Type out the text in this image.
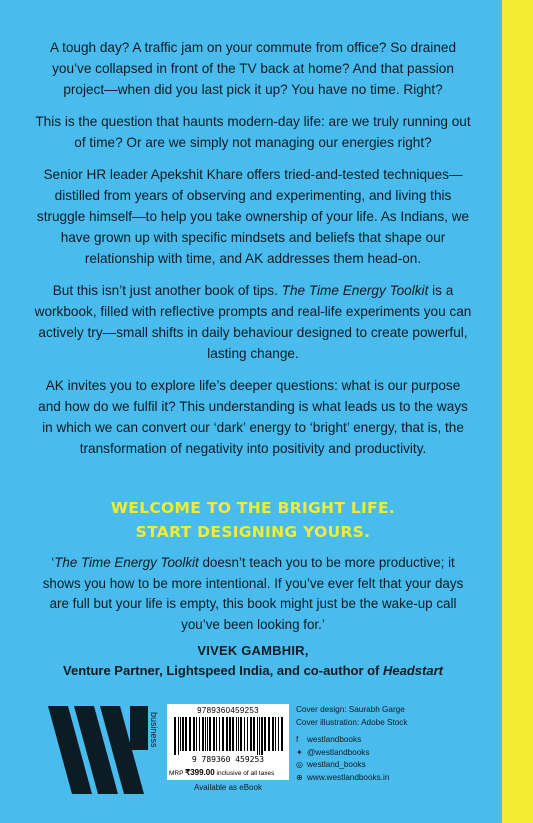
A tough day? A traffic jam on your commute from office? So drained you’ve collapsed in front of the TV back at home? And that passion project—when did you last pick it up? You have no time. Right?

This is the question that haunts modern-day life: are we truly running out of time? Or are we simply not managing our energies right?

Senior HR leader Apekshit Khare offers tried-and-tested techniques—distilled from years of observing and experimenting, and living this struggle himself—to help you take ownership of your life. As Indians, we have grown up with specific mindsets and beliefs that shape our relationship with time, and AK addresses them head-on.

But this isn’t just another book of tips. The Time Energy Toolkit is a workbook, filled with reflective prompts and real-life experiments you can actively try—small shifts in daily behaviour designed to create powerful, lasting change.

AK invites you to explore life’s deeper questions: what is our purpose and how do we fulfil it? This understanding is what leads us to the ways in which we can convert our ‘dark’ energy to ‘bright’ energy, that is, the transformation of negativity into positivity and productivity.

WELCOME TO THE BRIGHT LIFE.
START DESIGNING YOURS.

‘The Time Energy Toolkit doesn’t teach you to be more productive; it shows you how to be more intentional. If you’ve ever felt that your days are full but your life is empty, this book might just be the wake-up call you’ve been looking for.’

VIVEK GAMBHIR,
Venture Partner, Lightspeed India, and co-author of Headstart
business
9789360459253
9 789360 459253
MRP ₹399.00 inclusive of all taxes
Available as eBook
Cover design: Saurabh Garge
Cover illustration: Adobe Stock
f	westlandbooks
✦ @westlandbooks
◎ westland_books
⊕ www.westlandbooks.in
